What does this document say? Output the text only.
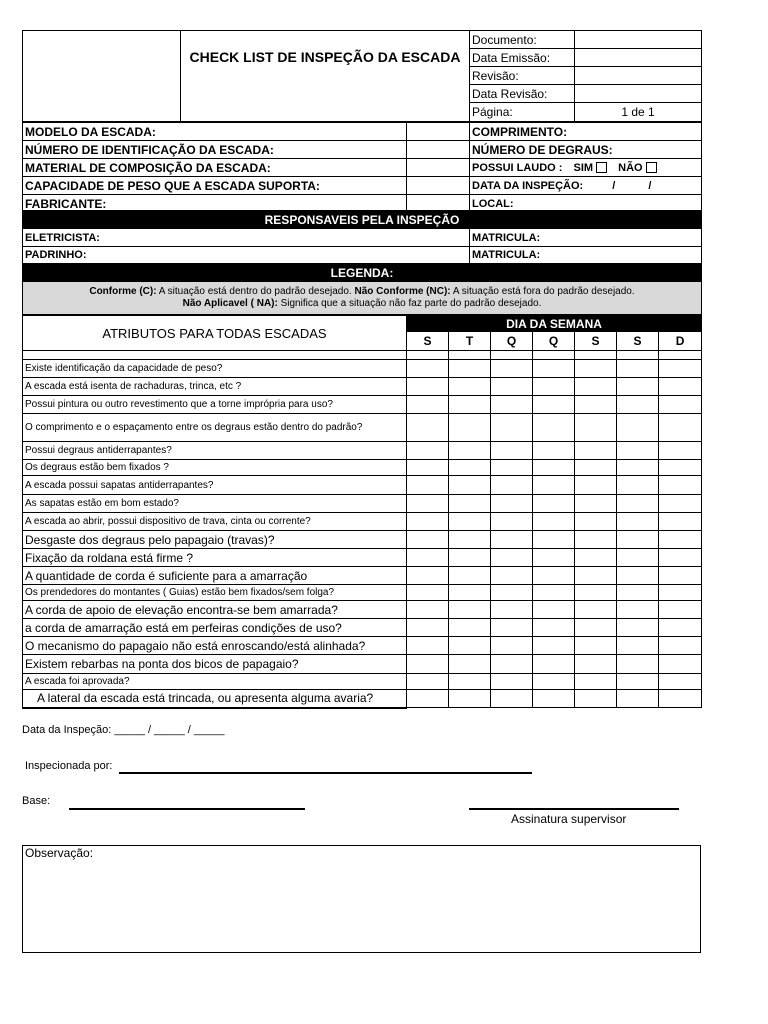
	CHECK LIST DE INSPEÇÃO DA ESCADA	Documento:	
		Data Emissão:	
		Revisão:	
		Data Revisão:	
		Página:	1 de 1
MODELO DA ESCADA:		COMPRIMENTO:
NÚMERO DE IDENTIFICAÇÃO DA ESCADA:		NÚMERO DE DEGRAUS:
MATERIAL DE COMPOSIÇÃO DA ESCADA:		POSSUI LAUDO : SIM NÃO
CAPACIDADE DE PESO QUE A ESCADA SUPORTA:		DATA DA INSPEÇÃO: / /
FABRICANTE:		LOCAL:
RESPONSAVEIS PELA INSPEÇÃO	
ELETRICISTA:	MATRICULA:
PADRINHO:	MATRICULA:
LEGENDA:	

Conforme (C): A situação está dentro do padrão desejado. Não Conforme (NC): A situação está fora do padrão desejado.
Não Aplicavel ( NA): Significa que a situação não faz parte do padrão desejado.	
ATRIBUTOS PARA TODAS ESCADAS	DIA DA SEMANA						
	S	T	Q	Q	S	S	D

Existe identificação da capacidade de peso?							
A escada está isenta de rachaduras, trinca, etc ?							
Possui pintura ou outro revestimento que a torne imprópria para uso?							
O comprimento e o espaçamento entre os degraus estão dentro do padrão?							
Possui degraus antiderrapantes?							
Os degraus estão bem fixados ?							
A escada possui sapatas antiderrapantes?							
As sapatas estão em bom estado?							
A escada ao abrir, possui dispositivo de trava, cinta ou corrente?							
Desgaste dos degraus pelo papagaio (travas)?							
Fixação da roldana está firme ?							
A quantidade de corda é suficiente para a amarração							
Os prendedores do montantes ( Guias) estão bem fixados/sem folga?							
A corda de apoio de elevação encontra-se bem amarrada?							
a corda de amarração está em perfeiras condições de uso?							
O mecanismo do papagaio não está enroscando/está alinhada?							
Existem rebarbas na ponta dos bicos de papagaio?							
A escada foi aprovada?							
A lateral da escada está trincada, ou apresenta alguma avaria?							
Data da Inspeção: _____ / _____ / _____
Inspecionada por:
Base:
Assinatura supervisor
Observação:
